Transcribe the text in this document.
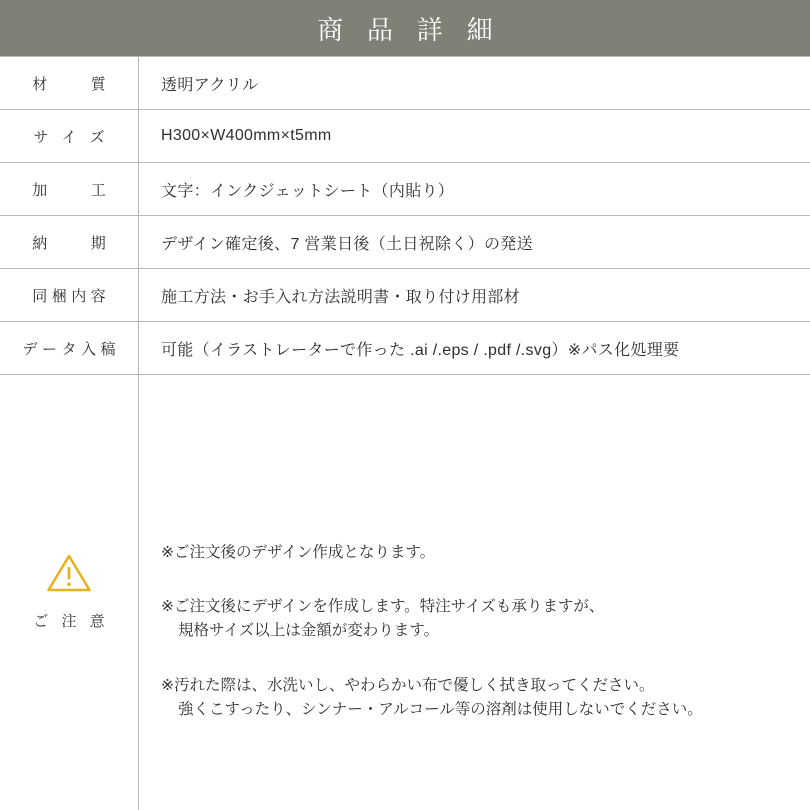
商 品 詳 細
材　　質	透明アクリル
サ イ ズ	H300×W400mm×t5mm
加　　工	文字：インクジェットシート（内貼り）
納　　期	デザイン確定後、7 営業日後（土日祝除く）の発送
同梱内容	施工方法・お手入れ方法説明書・取り付け用部材
データ入稿	可能（イラストレーターで作った .ai /.eps / .pdf /.svg）※パス化処理要

ご 注 意	※ご注文後のデザイン作成となります。

※ご注文後にデザインを作成します。特注サイズも承りますが、
規格サイズ以上は金額が変わります。

※汚れた際は、水洗いし、やわらかい布で優しく拭き取ってください。
強くこすったり、シンナー・アルコール等の溶剤は使用しないでください。
